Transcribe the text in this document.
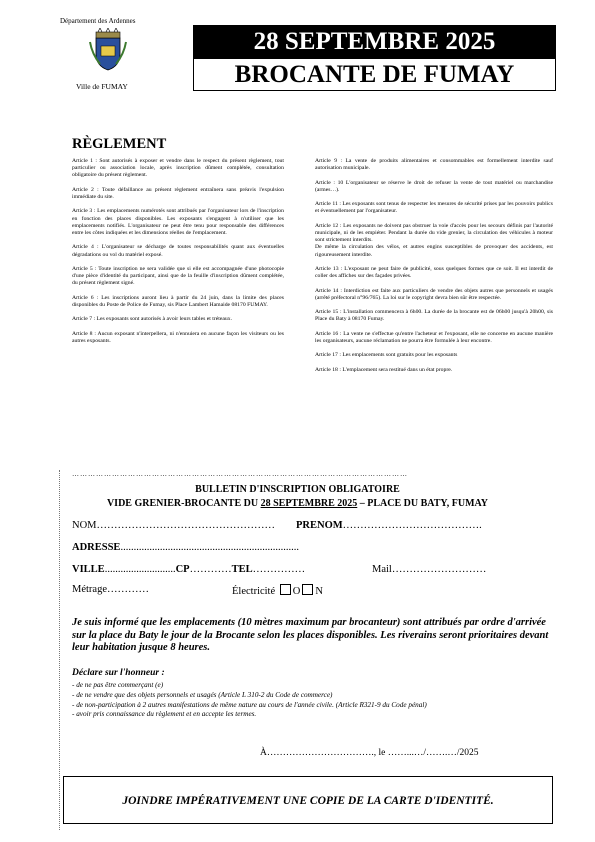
Département des Ardennes
Ville de FUMAY
28 SEPTEMBRE 2025
BROCANTE DE FUMAY
RÈGLEMENT

Article 1 : Sont autorisés à exposer et vendre dans le respect du présent règlement, tout particulier ou association locale, après inscription dûment complétée, consultation obligatoire du présent règlement.

Article 2 : Toute défaillance au présent règlement entraînera sans préavis l'expulsion immédiate du site.

Article 3 : Les emplacements numérotés sont attribués par l'organisateur lors de l'inscription en fonction des places disponibles. Les exposants s'engagent à n'utiliser que les emplacements notifiés. L'organisateur ne peut être tenu pour responsable des différences entre les côtes indiquées et les dimensions réelles de l'emplacement.

Article 4 : L'organisateur se décharge de toutes responsabilités quant aux éventuelles dégradations ou vol du matériel exposé.

Article 5 : Toute inscription ne sera validée que si elle est accompagnée d'une photocopie d'une pièce d'identité du participant, ainsi que de la feuille d'inscription dûment complétée, du présent règlement signé.

Article 6 : Les inscriptions auront lieu à partir du 24 juin, dans la limite des places disponibles du Poste de Police de Fumay, sis Place Lambert Hamaide 08170 FUMAY.

Article 7 : Les exposants sont autorisés à avoir leurs tables et tréteaux.

Article 8 : Aucun exposant n'interpellera, ni n'ennuiera en aucune façon les visiteurs ou les autres exposants.

Article 9 : La vente de produits alimentaires et consommables est formellement interdite sauf autorisation municipale.

Article : 10 L'organisateur se réserve le droit de refuser la vente de tout matériel ou marchandise (armes…).

Article 11 : Les exposants sont tenus de respecter les mesures de sécurité prises par les pouvoirs publics et éventuellement par l'organisateur.

Article 12 : Les exposants ne doivent pas obstruer la voie d'accès pour les secours définis par l'autorité municipale, ni de les empiéter. Pendant la durée du vide grenier, la circulation des véhicules à moteur sont strictement interdits.
De même la circulation des vélos, et autres engins susceptibles de provoquer des accidents, est rigoureusement interdite.

Article 13 : L'exposant ne peut faire de publicité, sous quelques formes que ce soit. Il est interdit de coller des affiches sur des façades privées.

Article 14 : Interdiction est faite aux particuliers de vendre des objets autres que personnels et usagés (arrêté préfectoral n°96/765). La loi sur le copyright devra bien sûr être respectée.

Article 15 : L'installation commencera à 6h00. La durée de la brocante est de 06h00 jusqu'à 20h00, sis Place du Baty à 08170 Fumay.

Article 16 : La vente ne s'effectue qu'entre l'acheteur et l'exposant, elle ne concerne en aucune manière les organisateurs, aucune réclamation ne pourra être formulée à leur encontre.

Article 17 : Les emplacements sont gratuits pour les exposants

Article 18 : L'emplacement sera restitué dans un état propre.

………………………………………………………………………………………………………………
BULLETIN D'INSCRIPTION OBLIGATOIRE
VIDE GRENIER-BROCANTE DU 28 SEPTEMBRE 2025 – PLACE DU BATY, FUMAY
NOM…………………………………………… PRENOM………………………………….
ADRESSE....................................................................
VILLE...........................CP…………TEL……………	Mail………………………
Métrage…………	Électricité O N
Je suis informé que les emplacements (10 mètres maximum par brocanteur) sont attribués par ordre d'arrivée sur la place du Baty le jour de la Brocante selon les places disponibles. Les riverains seront prioritaires devant leur habitation jusque 8 heures.
Déclare sur l'honneur :
- de ne pas être commerçant (e)
- de ne vendre que des objets personnels et usagés (Article L 310-2 du Code de commerce)
- de non-participation à 2 autres manifestations de même nature au cours de l'année civile. (Article R321-9 du Code pénal)
- avoir pris connaissance du règlement et en accepte les termes.
À……………………………., le ……...…/…….…/2025
JOINDRE IMPÉRATIVEMENT UNE COPIE DE LA CARTE D'IDENTITÉ.
